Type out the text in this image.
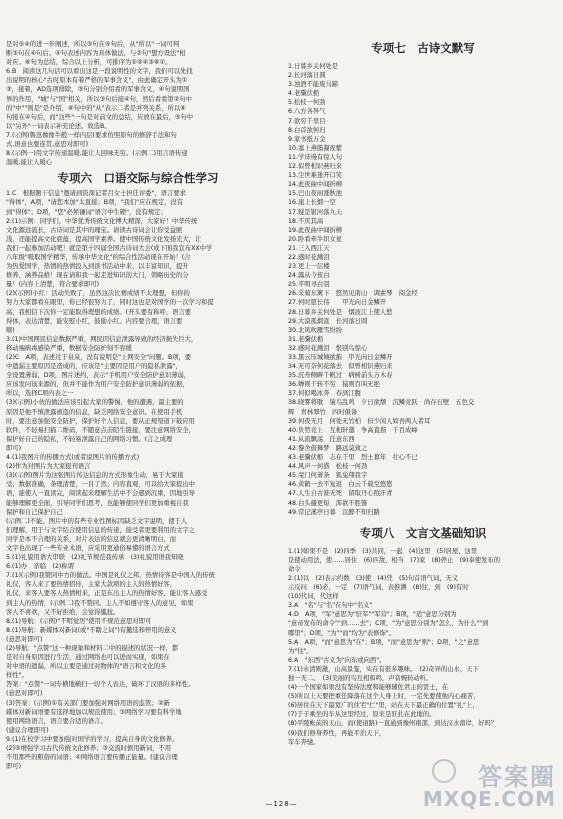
是对⑤④的进一步阐述，所以③句在⑤句后，从"所以"一词可判

断③句在④句后。④句表述内容为具体做法，与②句"想方设法"相

对应。⑥句为总结，综合以上分析，可排序为⑤②④③⑥①。

6.B　阅读这几句话可以看出这是一段说明性的文字，我们可以先找

出说明的核心"古时原本有着严格的军事含义"，由此确定开头为①

③，接着，AD选项排除，③句分别介绍看的军事含义，④句说明国

界的作用，"城"与"国"相关，所以③句后接④句，然后看看第②句中

的"中""则是"是介绍，⑥句中的"从"表示二者是并列关系，所以⑥

句接在④句后，而"这些"一句是对前文的总结，应放在最后，⑤句中

以"另外"一词表示补充论述。故选B。

7.(示例)鲁迅像像牛般一样内层(要求仿照原句的修辞手法和句

式,语意也要连贯,意思对即可)

8.(示例一)用文字传递温暖,能让人回味无穷。(示例二)用言语传递

温暖,能让人暖心

专项六　口语交际与综合性学习

1.C　根据题干信息"邀请到资深记者吕女士担任评委"，语言要求

"得体"，A项，"请您本加"太直接；B项，"我们"应在规定，没有

到"得体"；D项，"您"必须谦词"语言中生硬"，没有规定；

2.(1)示例：同学们，中华优秀传统文化博大精深，大家好！中华传统

文化源远流长，古诗词是其中的瑰宝。请读古诗词会让你受益匪

浅，还能提高文化底蕴，提高国学素养。使中国传统文化发扬光大，让

我们一起参加活动吧！就是第十四届全国古诗词大会(或下面我宣布XX中学

八年级"吸取国学精华，传承中华文化"的综合性活动现在开始！(合

为热爱国学，热情的热情投入到读书活动中来，以丰富知识，提升

修养，涵养品格！现在请和我一起走进知识的大门，领略历史的分

量！(内容上清楚，符合要求即可)

(2)(示例)小红：活动失败了，虽然这次比赛成绩不太理想，但你的

努力大家都看在眼里，你已经很努力了，同时这也是对国学的一次学习和提

高，我相信下次你一定能取得理想的成绩。(开头要有称呼，语言要

得体，表达清楚，能安慰小红，鼓励小红。内容要合理，语言要

顺)

3.(1)中国网民信息数据严重，网民因信息泄露导致的经济损失巨大，

移动端病毒感染严重，数据安全防护刻不容缓

(2)C　A项，表述过于泉泉，没有说明是"上网安全"问题。B项，要

中遗漏主要原因是造成的，应该是"主要因是用户的隐私泄露"，

全设置薄弱，D项，图片述约，表示"手机用户安全防护意识薄弱，

应该发问该来源的，但并不能作为用户安全防护意识薄弱的依据，

所以，选择C项内表之一

(3)(示例)小伙的做法应该引起大家的警惕，他的遭遇，最主要的

原因是他不慎泄露被盗的信息，缺乏网络安全意识。在使用手机

时，要注意加强安全防护，保护好个人信息，要从正规渠道下载应用

软件，不轻易扫描二维码，不随意点击陌生链接，要注意网络安全，

保护好自己的隐私，不轻易泄露自己的网络习惯。(言之成理

即可)

4.(1)我图片的传播方式(或者说图片的传播方式)

(2)作为对图片为大家报刊语言

(3)(示例)图片为这张图片传达信息的方式形象生动，易于大家接

受；数据准确，条理清楚，一目了然；内容直观，可以给大家提出中

语，能使人一直读完，阅读起来理解生活中不会感到沉重，因地引导

能够理解更全面，引导同学们思考，也能够使同学们更加重视自我

保护和自己保护自己

(示例二)不能。图片中的有些专业性图标因缺乏文字说明，使于人

们理解，用于与文字结合使用信息的传递，接受者更要利用的文字之

同学是本不合理的关系，对片表达的信息就会更清晰明白，而

文字也出现了一些专业术语，应采用更通俗易懂的语言方式

5.(1)礼貌用语大串联　(2)礼节规范我传承　(3)礼貌用语我知晓

6.(1)办　亲临　(2)称谓

7.(1)(示例)我赞同中方的做法。中国是礼仪之邦，热情待客是中国人的传统

礼仪，客人来了要热情招待，主家大款项的主人的热情好客，

礼仪，来客人要客人热情相来，正是东出主人的热情好客，能让客人感受

到主人的热情，(示例二)我不赞同。主人不如遵守客人的意见，如果

客人不喜欢，又不好拒绝，会觉得尴尬。

8.(1)导航：(示例)"不明觉厉"使用不规范意思对即可

8.(1)导航：新媒体对新词(或"不瞎之词")有撤选和停用的意义

(意思对即可)

(2)导航："点赞"这一种现象和材料二中的描述的状况一样，都

是对自身原因进行生活，通过网络也可以进而实现，如果在

对中语的遗漏，所以主要是通过对物体的"语言和文化的多

样性"。

答案："点赞"一词专横地横扫一切个人表达，破坏了汉语的多样性。

(意思对即可)

(3)答案：(示例)①有关部门要加强对网络用语的监管；②新

媒体对新词语要有选择地加以规范使用；③网络学习要有科学地

使用网络语言，语言要合适的语言。

(建议合理即可)

9.(1)在校学习中要加强对国学的学习，提高自身的文化修养。

(2)⑤增强学习古代传统文化修养；③交流时慎用新词，不用

不用那些的粗俗的词语；④网络语言要传播正能量。(建议合理

即可)

专项七　古诗文默写

1.日暮乡关何处是

2.长河落日圆

3.浊酒不能废马蹄

4.老骥伏枥

5.松枝一何劲

6.八方各异气

7.欲穷千里目

8.白首欲何归

9.家书抵万金

10.塞上燕脂凝夜紫

11.学诗谩有惊人句

12.似曾相识燕归来

13.尘世难逢开口笑

14.此夜曲中闻折柳

15.巴山夜雨涨秋池

16.崖上长烟一空

17.疑是银河落九天

18.不厌其高

19.此夜曲中闻折柳

20.卧看牵牛织女星

21.三入西江天

22.感时花溅泪

23.更上一层楼

24.露从今夜白

25.平明寻白羽

26.采菊东篱下　悠然见南山　调素琴　阅金经

27.何时愿长伟　　甲光向日金鳞开

28.日暮乡关何处是　烟波江上使人愁

29.大漠孤烟直　长河落日圆

30.北风吹雁雪纷纷

31.老骥伏枥

32.感时花溅泪　恨别鸟惊心

33.黑云压城城欲摧　甲光向日金鳞开

34.无可奈何花落去　似曾相识燕归来

35.沉舟侧畔千帆过　病树前头万木春

36.蝉则千转不穷　猿则百叫无绝

37.何似喝冰奔　春到江腹

38.晓雾将歇　猿鸟乱鸣　夕日欲颓　沉鳞竞跃　尚存石壁　五色交

辉　青林翠竹　四时俱备

39.何夜无月　何处无竹柏　但少闲人如吾两人者耳

40.负势竞上　互相轩邈　争高直指　千百成峰

41.从流飘荡　任意东西

42.黎舍鼓舞梦　路远莫致之

43.老骥伏枥　志在千里　烈士暮年　壮心不已

44.风声一何盛　松枝一何劲

45.荣门何萧条　狐兔翔我宇

46.黄鹤一去不复返　白云千载空悠悠

47.人生自古谁无死　留取丹心照汗青

48.白头搔更短　浑欲不胜簪

49.常记溪亭日暮　沉醉不知归路

专项八　文言文基础知识

1.(1)如果不是　(2)四季　(3)共同，一起　(4)这里　(5)居屋，这里

是使动用法，使……居住　(6)匹敌，相当　(7)家　(8)停止　(9)奉使发布的

命令

2.(1)以　(2)表示约数　(3)使　(4)凭　(5)句首语气词，无义

示反问　(6)必，一定　(7)语气词，表推测　(8)往，到　(9)有时

(10)代词，代这样

3.A　"名"与"名"在句中"名义"

4.D　A项，"军"意思为"驻军""军营"；B项，"适"意思分别为

"意帝发布的命令""到……去"；C项，"为"意思分别为"怎么，为什么""到

哪里"；D项，"为""而"均为"表修饰"。

5.A　A项，"而"意思为"在"；B项，"而"意思为"则"；D项，"之"意思

为"往"。

6.A　"东西"古义为"向东或向西"。

7.(1)水清则澈，山高景鉴，实在有很多趣味。　(2)奇异的山水，天下

独一无二。　(3)美丽的鸟互相和鸣，声音婉转动听。

(4)一个国家如果没有坚持法度和能够辅佐君主的贤士，在

(5)所以上天要把重任降落在这个人身上时，一定先要使他内心痛苦，

(6)居住在天下最宽广的住宅"仁"里，站在天下最正确的位置"礼"上，

(7)于子乘坐的车从这里经过，原来是驻扎在此地的。

(8)平陵帐前的天山，而(使道路)一直通到豫州南部，到达汉水南岸，好吗？

(9)我们修身养性，再能平治天下，

军车奔驰。

—128—
答案圈
MXQE.COM
